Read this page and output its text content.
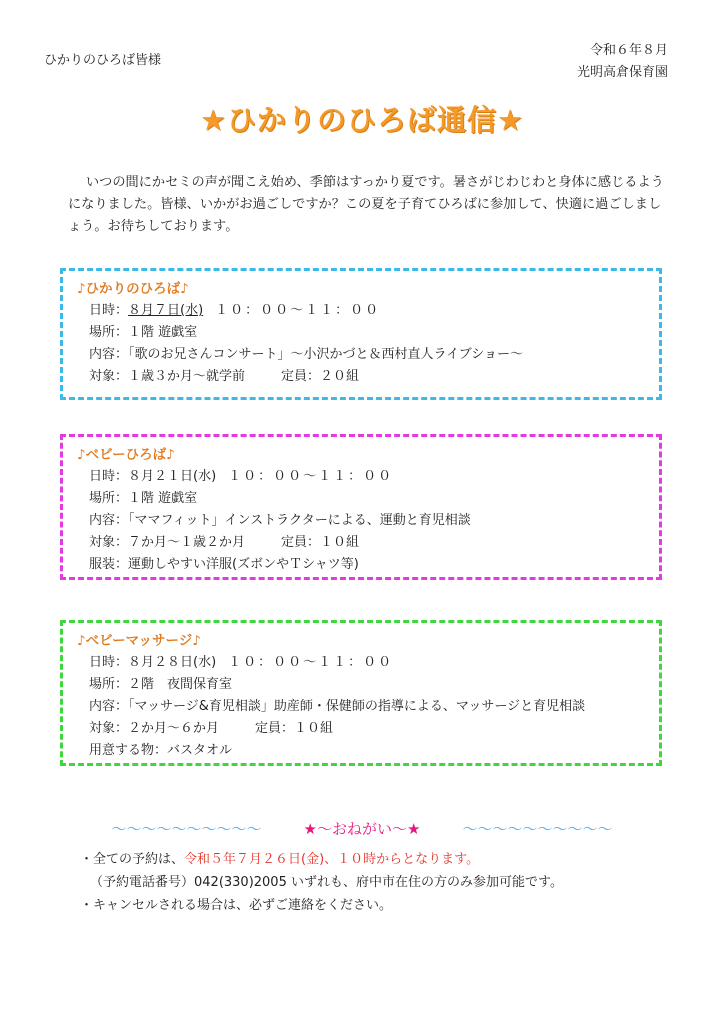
ひかりのひろば皆様
令和６年８月
光明高倉保育園
★ひかりのひろば通信★
いつの間にかセミの声が聞こえ始め、季節はすっかり夏です。暑さがじわじわと身体に感じるようになりました。皆様、いかがお過ごしですか？この夏を子育てひろばに参加して、快適に過ごしましょう。お待ちしております。
♪ひかりのひろば♪
日時：８月７日(水) １０：００～１１：００
場所：１階 遊戯室
内容：「歌のお兄さんコンサート」～小沢かづと＆西村直人ライブショー～
対象：１歳３か月～就学前	定員：２０組
♪ベビーひろば♪
日時：８月２１日(水) １０：００～１１：００
場所：１階 遊戯室
内容：「ママフィット」インストラクターによる、運動と育児相談
対象：７か月～１歳２か月	定員：１０組
服装：運動しやすい洋服(ズボンやＴシャツ等)
♪ベビーマッサージ♪
日時：８月２８日(水) １０：００～１１：００
場所：２階　夜間保育室
内容：「マッサージ&育児相談」助産師・保健師の指導による、マッサージと育児相談
対象：２か月～６か月	定員：１０組
用意する物：バスタオル
～～～～～～～～～～	★～おねがい～★	～～～～～～～～～～
・全ての予約は、令和５年７月２６日(金)、１０時からとなります。
（予約電話番号）042(330)2005 いずれも、府中市在住の方のみ参加可能です。
・キャンセルされる場合は、必ずご連絡をください。
